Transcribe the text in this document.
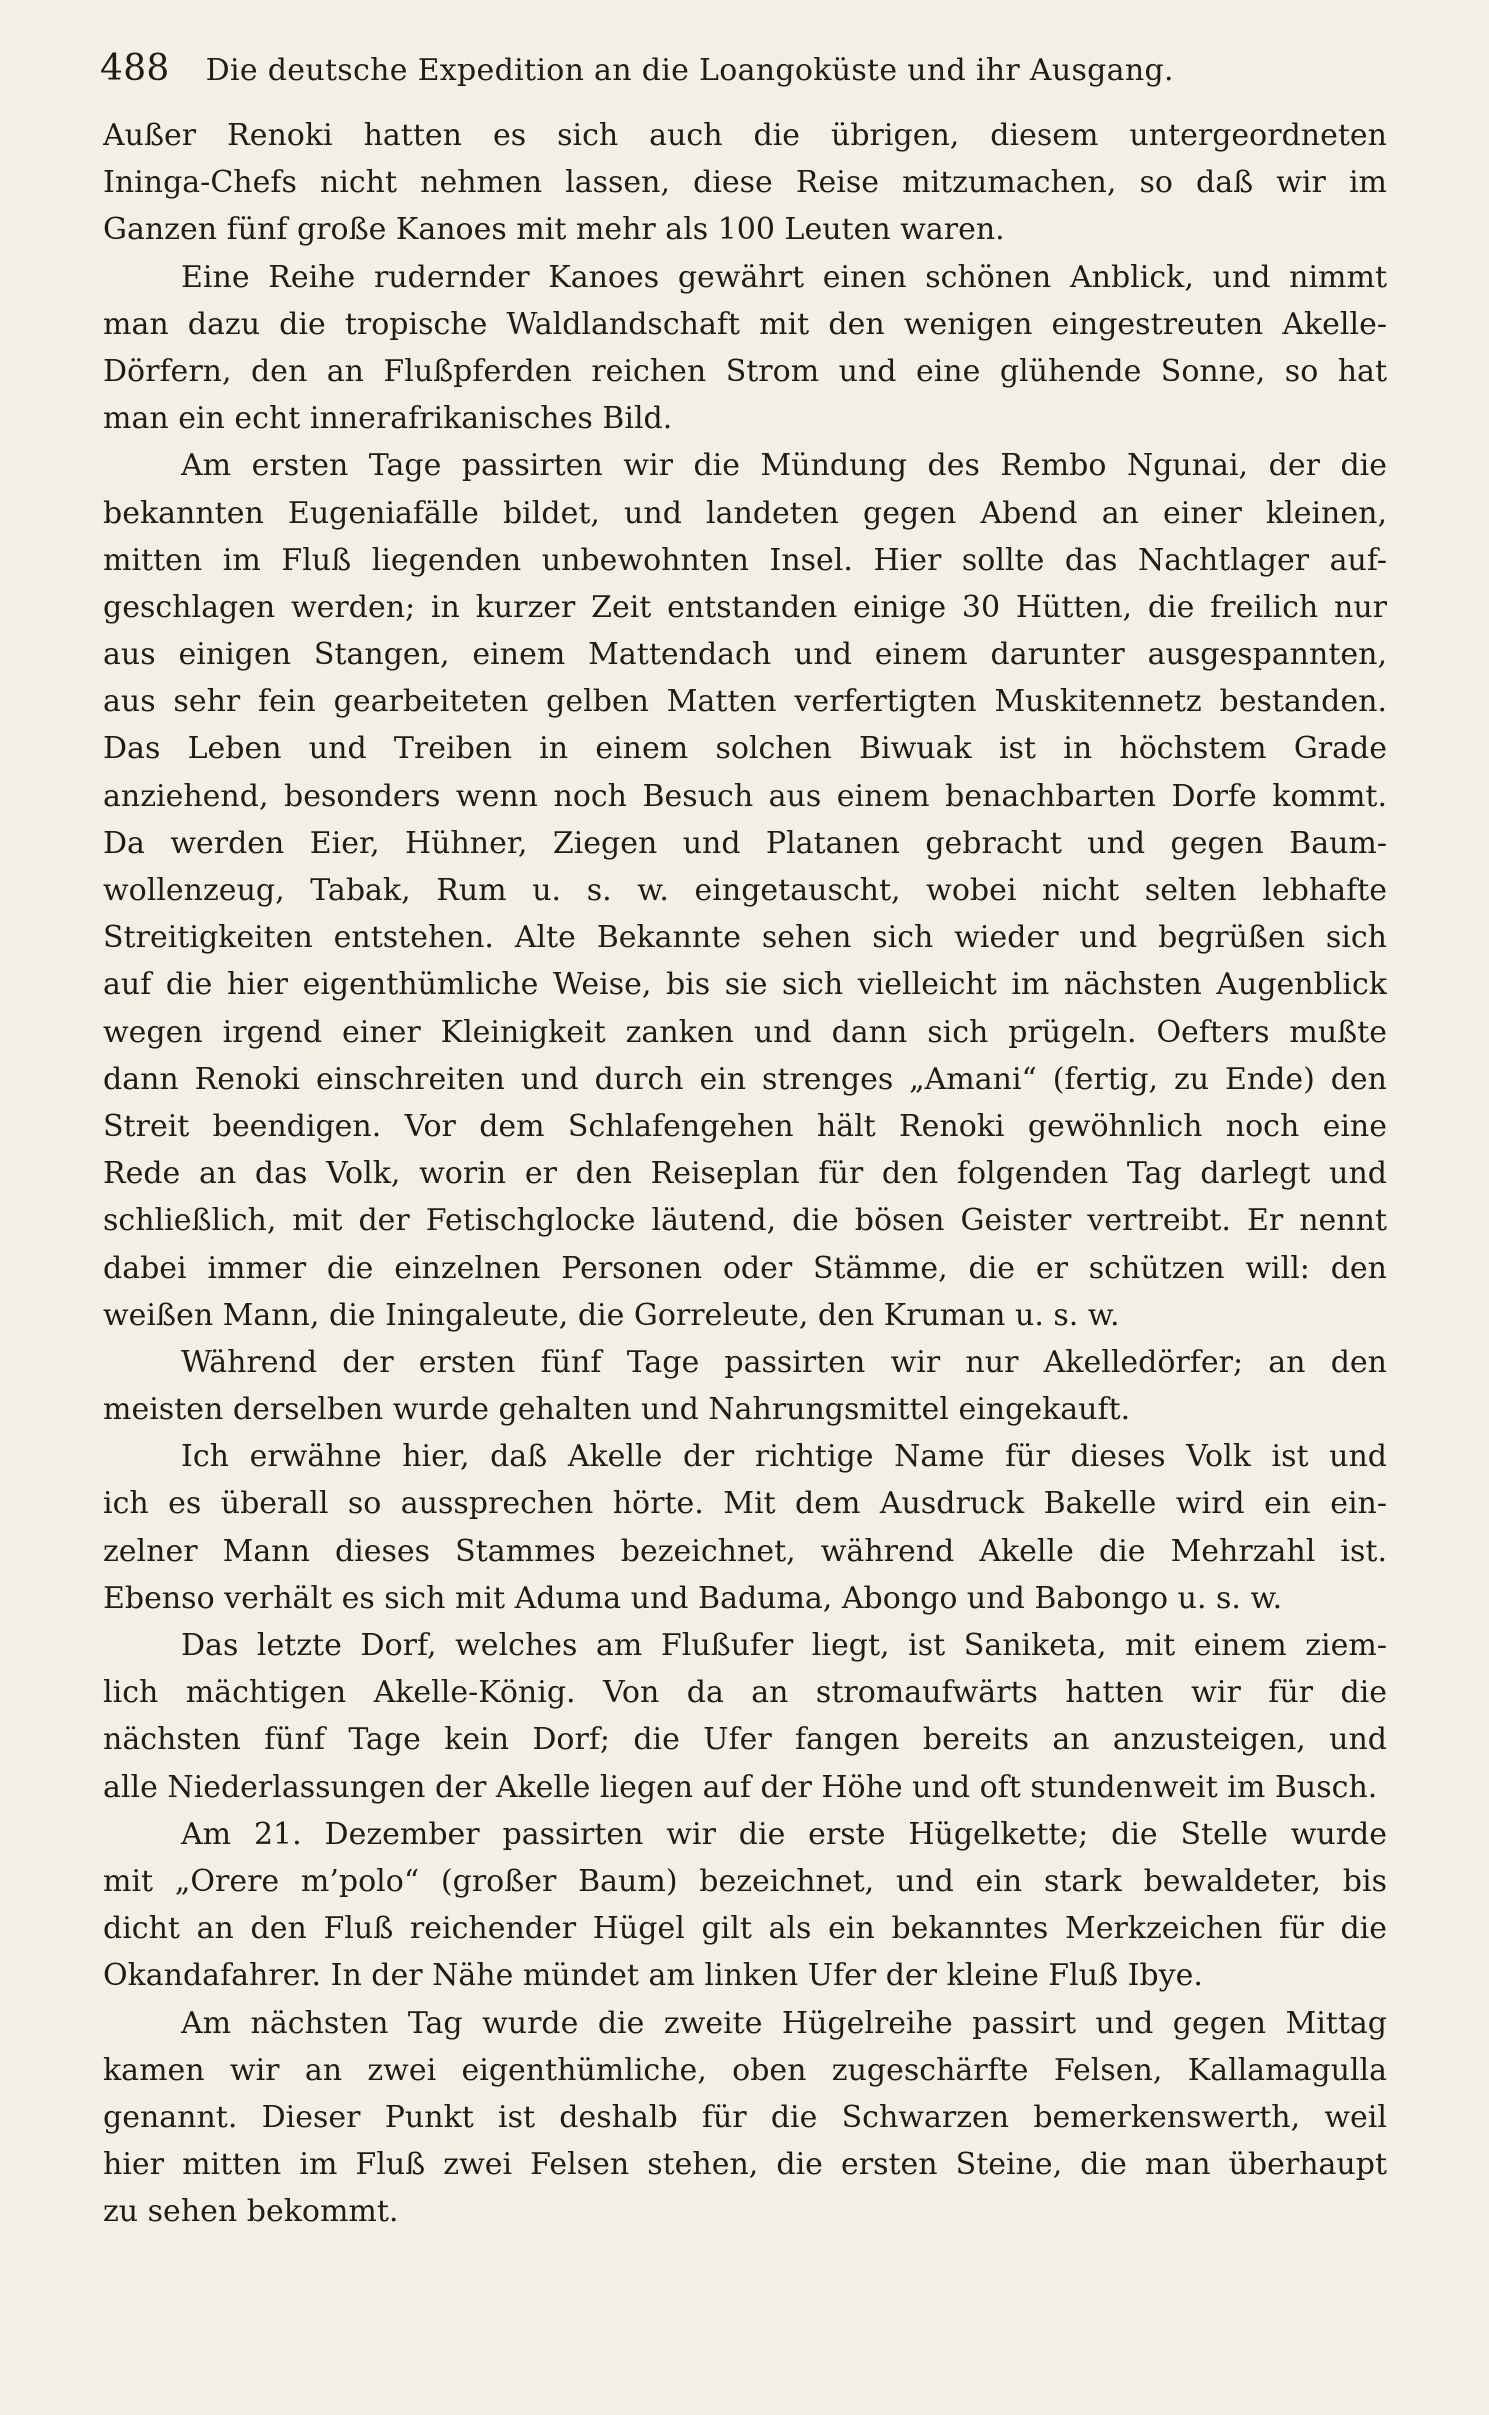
488 Die deutsche Expedition an die Loangoküste und ihr Ausgang.
Außer Renoki hatten es sich auch die übrigen, diesem untergeordneten
Ininga-Chefs nicht nehmen lassen, diese Reise mitzumachen, so daß wir im
Ganzen fünf große Kanoes mit mehr als 100 Leuten waren.
Eine Reihe rudernder Kanoes gewährt einen schönen Anblick, und nimmt
man dazu die tropische Waldlandschaft mit den wenigen eingestreuten Akelle-
Dörfern, den an Flußpferden reichen Strom und eine glühende Sonne, so hat
man ein echt innerafrikanisches Bild.
Am ersten Tage passirten wir die Mündung des Rembo Ngunai, der die
bekannten Eugeniafälle bildet, und landeten gegen Abend an einer kleinen,
mitten im Fluß liegenden unbewohnten Insel. Hier sollte das Nachtlager auf-
geschlagen werden; in kurzer Zeit entstanden einige 30 Hütten, die freilich nur
aus einigen Stangen, einem Mattendach und einem darunter ausgespannten,
aus sehr fein gearbeiteten gelben Matten verfertigten Muskitennetz bestanden.
Das Leben und Treiben in einem solchen Biwuak ist in höchstem Grade
anziehend, besonders wenn noch Besuch aus einem benachbarten Dorfe kommt.
Da werden Eier, Hühner, Ziegen und Platanen gebracht und gegen Baum-
wollenzeug, Tabak, Rum u. s. w. eingetauscht, wobei nicht selten lebhafte
Streitigkeiten entstehen. Alte Bekannte sehen sich wieder und begrüßen sich
auf die hier eigenthümliche Weise, bis sie sich vielleicht im nächsten Augenblick
wegen irgend einer Kleinigkeit zanken und dann sich prügeln. Oefters mußte
dann Renoki einschreiten und durch ein strenges „Amani“ (fertig, zu Ende) den
Streit beendigen. Vor dem Schlafengehen hält Renoki gewöhnlich noch eine
Rede an das Volk, worin er den Reiseplan für den folgenden Tag darlegt und
schließlich, mit der Fetischglocke läutend, die bösen Geister vertreibt. Er nennt
dabei immer die einzelnen Personen oder Stämme, die er schützen will: den
weißen Mann, die Iningaleute, die Gorreleute, den Kruman u. s. w.
Während der ersten fünf Tage passirten wir nur Akelledörfer; an den
meisten derselben wurde gehalten und Nahrungsmittel eingekauft.
Ich erwähne hier, daß Akelle der richtige Name für dieses Volk ist und
ich es überall so aussprechen hörte. Mit dem Ausdruck Bakelle wird ein ein-
zelner Mann dieses Stammes bezeichnet, während Akelle die Mehrzahl ist.
Ebenso verhält es sich mit Aduma und Baduma, Abongo und Babongo u. s. w.
Das letzte Dorf, welches am Flußufer liegt, ist Saniketa, mit einem ziem-
lich mächtigen Akelle-König. Von da an stromaufwärts hatten wir für die
nächsten fünf Tage kein Dorf; die Ufer fangen bereits an anzusteigen, und
alle Niederlassungen der Akelle liegen auf der Höhe und oft stundenweit im Busch.
Am 21. Dezember passirten wir die erste Hügelkette; die Stelle wurde
mit „Orere m’polo“ (großer Baum) bezeichnet, und ein stark bewaldeter, bis
dicht an den Fluß reichender Hügel gilt als ein bekanntes Merkzeichen für die
Okandafahrer. In der Nähe mündet am linken Ufer der kleine Fluß Ibye.
Am nächsten Tag wurde die zweite Hügelreihe passirt und gegen Mittag
kamen wir an zwei eigenthümliche, oben zugeschärfte Felsen, Kallamagulla
genannt. Dieser Punkt ist deshalb für die Schwarzen bemerkenswerth, weil
hier mitten im Fluß zwei Felsen stehen, die ersten Steine, die man überhaupt
zu sehen bekommt.
